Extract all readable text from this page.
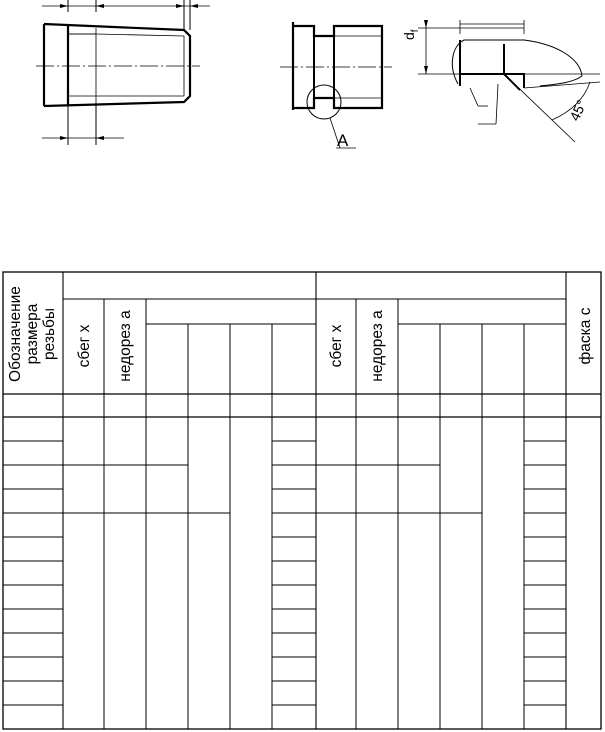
A
$d_f$
45°
Обозначение размера резьбы сбег x недорез a	сбег x недорез a	фаска c
